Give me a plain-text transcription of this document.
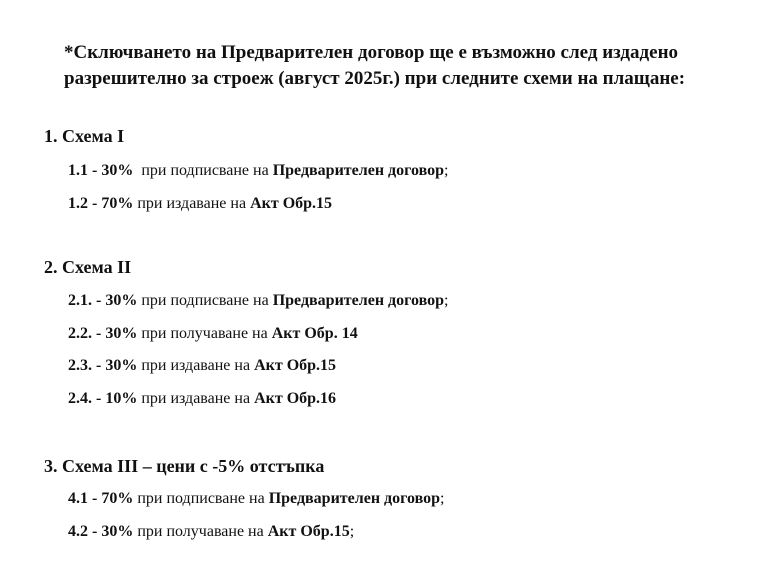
*Сключването на Предварителен договор ще е възможно след издадено
разрешително за строеж (август 2025г.) при следните схеми на плащане:
1. Схема I
1.1 - 30%  при подписване на Предварителен договор;
1.2 - 70% при издаване на Акт Обр.15
2. Схема II
2.1. - 30% при подписване на Предварителен договор;
2.2. - 30% при получаване на Акт Обр. 14
2.3. - 30% при издаване на Акт Обр.15
2.4. - 10% при издаване на Акт Обр.16
3. Схема III – цени с -5% отстъпка
4.1 - 70% при подписване на Предварителен договор;
4.2 - 30% при получаване на Акт Обр.15;
